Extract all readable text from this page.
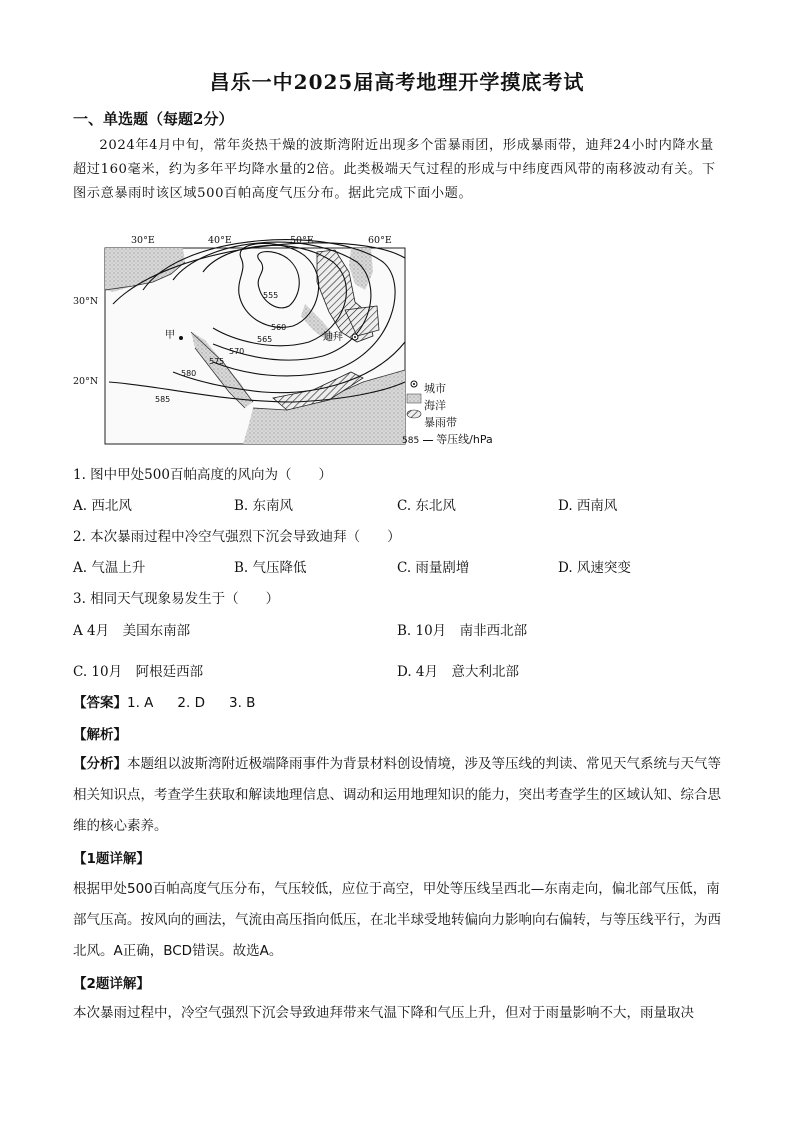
昌乐一中2025届高考地理开学摸底考试
一、单选题（每题2分）
2024年4月中旬，常年炎热干燥的波斯湾附近出现多个雷暴雨团，形成暴雨带，迪拜24小时内降水量超过160毫米，约为多年平均降水量的2倍。此类极端天气过程的形成与中纬度西风带的南移波动有关。下图示意暴雨时该区域500百帕高度气压分布。据此完成下面小题。
555
560
565
570
575
580
585
30°E	40°E	50°E	60°E
30°N
20°N
甲	迪拜
城市
海洋
暴雨带
585 等压线/hPa
1. 图中甲处500百帕高度的风向为（　　）
A. 西北风	B. 东南风	C. 东北风	D. 西南风
2. 本次暴雨过程中冷空气强烈下沉会导致迪拜（　　）
A. 气温上升	B. 气压降低	C. 雨量剧增	D. 风速突变
3. 相同天气现象易发生于（　　）
A 4月　美国东南部	B. 10月　南非西北部
C. 10月　阿根廷西部	D. 4月　意大利北部
【答案】1. A 2. D 3. B
【解析】
【分析】本题组以波斯湾附近极端降雨事件为背景材料创设情境，涉及等压线的判读、常见天气系统与天气等相关知识点，考查学生获取和解读地理信息、调动和运用地理知识的能力，突出考查学生的区域认知、综合思维的核心素养。
【1题详解】
根据甲处500百帕高度气压分布，气压较低，应位于高空，甲处等压线呈西北—东南走向，偏北部气压低，南部气压高。按风向的画法，气流由高压指向低压，在北半球受地转偏向力影响向右偏转，与等压线平行，为西北风。A正确，BCD错误。故选A。
【2题详解】
本次暴雨过程中，冷空气强烈下沉会导致迪拜带来气温下降和气压上升，但对于雨量影响不大，雨量取决
